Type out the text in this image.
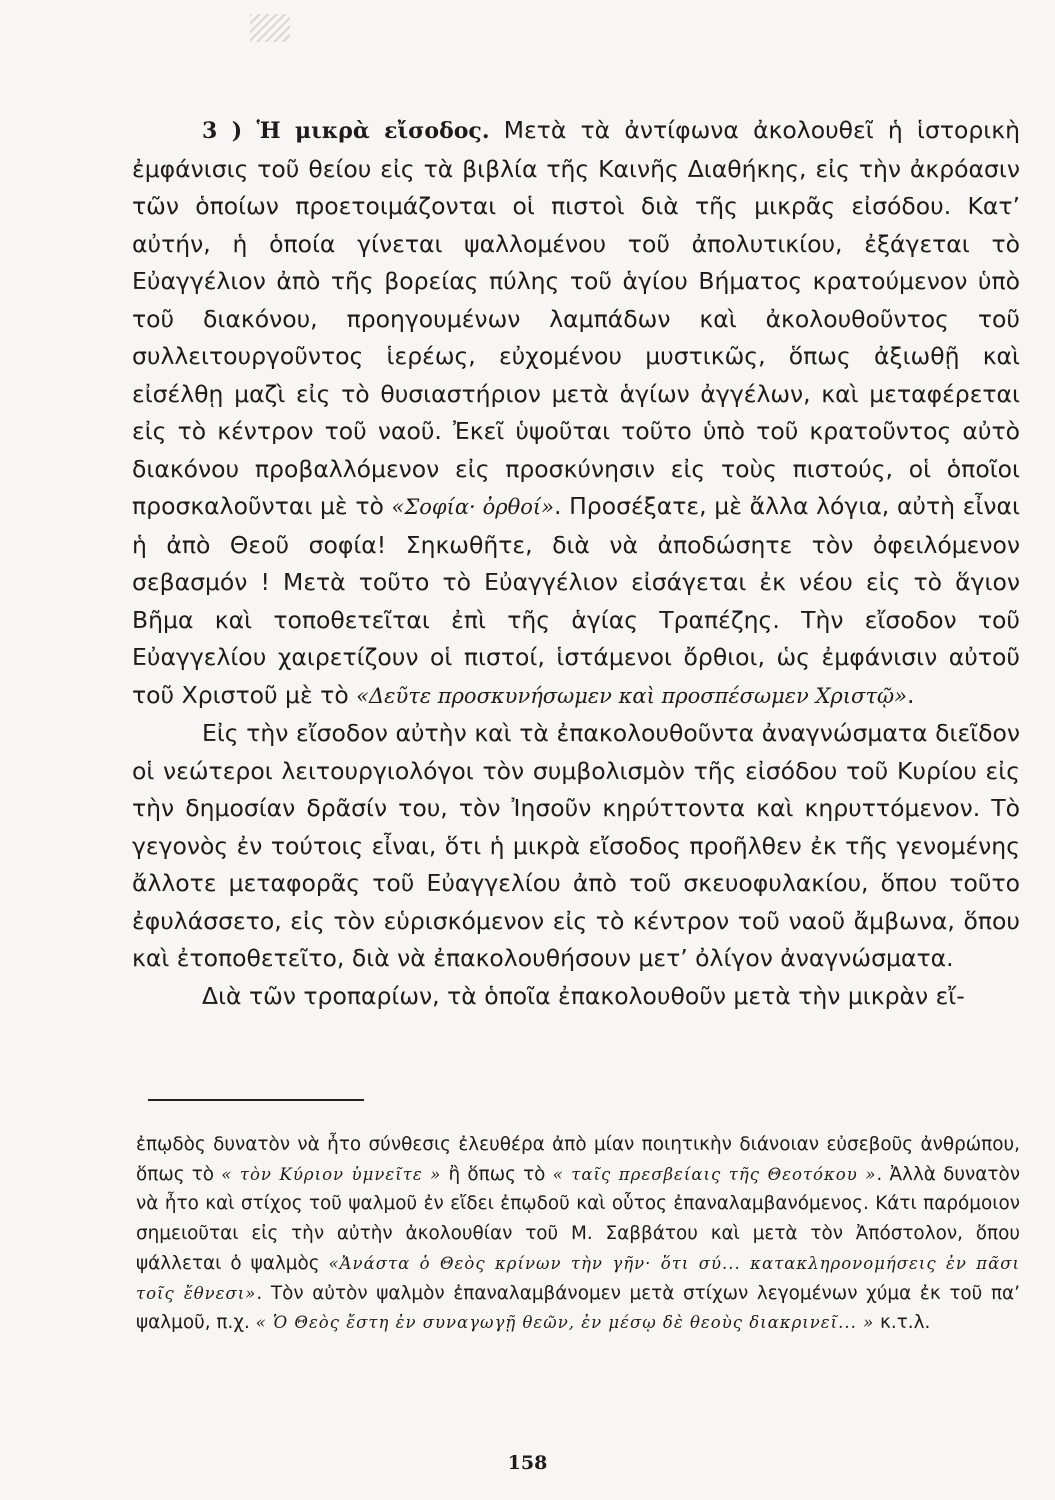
3 ) Ἡ μικρὰ εἴσοδος. Μετὰ τὰ ἀντίφωνα ἀκολουθεῖ ἡ ἱστορικὴ ἐμφάνισις τοῦ θείου εἰς τὰ βιβλία τῆς Καινῆς Διαθήκης, εἰς τὴν ἀκρόασιν τῶν ὁποίων προετοιμάζονται οἱ πιστοὶ διὰ τῆς μικρᾶς εἰσόδου. Κατ’ αὐτήν, ἡ ὁποία γίνεται ψαλλομένου τοῦ ἀπολυτικίου, ἐξάγεται τὸ Εὐαγγέλιον ἀπὸ τῆς βορείας πύλης τοῦ ἁγίου Βήματος κρατούμενον ὑπὸ τοῦ διακόνου, προηγουμένων λαμπάδων καὶ ἀκολουθοῦντος τοῦ συλλειτουργοῦντος ἱερέως, εὐχομένου μυστικῶς, ὅπως ἀξιωθῇ καὶ εἰσέλθῃ μαζὶ εἰς τὸ θυσιαστήριον μετὰ ἁγίων ἀγγέλων, καὶ μεταφέρεται εἰς τὸ κέντρον τοῦ ναοῦ. Ἐκεῖ ὑψοῦται τοῦτο ὑπὸ τοῦ κρατοῦντος αὐτὸ διακόνου προβαλλόμενον εἰς προσκύνησιν εἰς τοὺς πιστούς, οἱ ὁποῖοι προσκαλοῦνται μὲ τὸ «Σοφία· ὀρθοί». Προσέξατε, μὲ ἄλλα λόγια, αὐτὴ εἶναι ἡ ἀπὸ Θεοῦ σοφία! Σηκωθῆτε, διὰ νὰ ἀποδώσητε τὸν ὀφειλόμενον σεβασμόν ! Μετὰ τοῦτο τὸ Εὐαγγέλιον εἰσάγεται ἐκ νέου εἰς τὸ ἅγιον Βῆμα καὶ τοποθετεῖται ἐπὶ τῆς ἁγίας Τραπέζης. Τὴν εἴσοδον τοῦ Εὐαγγελίου χαιρετίζουν οἱ πιστοί, ἱστάμενοι ὄρθιοι, ὡς ἐμφάνισιν αὐτοῦ τοῦ Χριστοῦ μὲ τὸ «Δεῦτε προσκυνήσωμεν καὶ προσπέσωμεν Χριστῷ».

Εἰς τὴν εἴσοδον αὐτὴν καὶ τὰ ἐπακολουθοῦντα ἀναγνώσματα διεῖδον οἱ νεώτεροι λειτουργιολόγοι τὸν συμβολισμὸν τῆς εἰσόδου τοῦ Κυρίου εἰς τὴν δημοσίαν δρᾶσίν του, τὸν Ἰησοῦν κηρύττοντα καὶ κηρυττόμενον. Τὸ γεγονὸς ἐν τούτοις εἶναι, ὅτι ἡ μικρὰ εἴσοδος προῆλθεν ἐκ τῆς γενομένης ἄλλοτε μεταφορᾶς τοῦ Εὐαγγελίου ἀπὸ τοῦ σκευοφυλακίου, ὅπου τοῦτο ἐφυλάσσετο, εἰς τὸν εὑρισκόμενον εἰς τὸ κέντρον τοῦ ναοῦ ἄμβωνα, ὅπου καὶ ἐτοποθετεῖτο, διὰ νὰ ἐπακολουθήσουν μετ’ ὀλίγον ἀναγνώσματα.

Διὰ τῶν τροπαρίων, τὰ ὁποῖα ἐπακολουθοῦν μετὰ τὴν μικρὰν εἴ-

ἐπῳδὸς δυνατὸν νὰ ἦτο σύνθεσις ἐλευθέρα ἀπὸ μίαν ποιητικὴν διάνοιαν εὐσεβοῦς ἀνθρώπου, ὅπως τὸ « τὸν Κύριον ὑμνεῖτε » ἢ ὅπως τὸ « ταῖς πρεσβείαις τῆς Θεοτόκου ». Ἀλλὰ δυνατὸν νὰ ἦτο καὶ στίχος τοῦ ψαλμοῦ ἐν εἴδει ἐπῳδοῦ καὶ οὗτος ἐπαναλαμβανόμενος. Κάτι παρόμοιον σημειοῦται εἰς τὴν αὐτὴν ἀκολουθίαν τοῦ Μ. Σαββάτου καὶ μετὰ τὸν Ἀπόστολον, ὅπου ψάλλεται ὁ ψαλμὸς «Ἀνάστα ὁ Θεὸς κρίνων τὴν γῆν· ὅτι σύ... κατακληρονομήσεις ἐν πᾶσι τοῖς ἔθνεσι». Τὸν αὐτὸν ψαλμὸν ἐπαναλαμβάνομεν μετὰ στίχων λεγομένων χύμα ἐκ τοῦ πα’ ψαλμοῦ, π.χ. « Ὁ Θεὸς ἔστη ἐν συναγωγῇ θεῶν, ἐν μέσῳ δὲ θεοὺς διακρινεῖ... » κ.τ.λ.

158
